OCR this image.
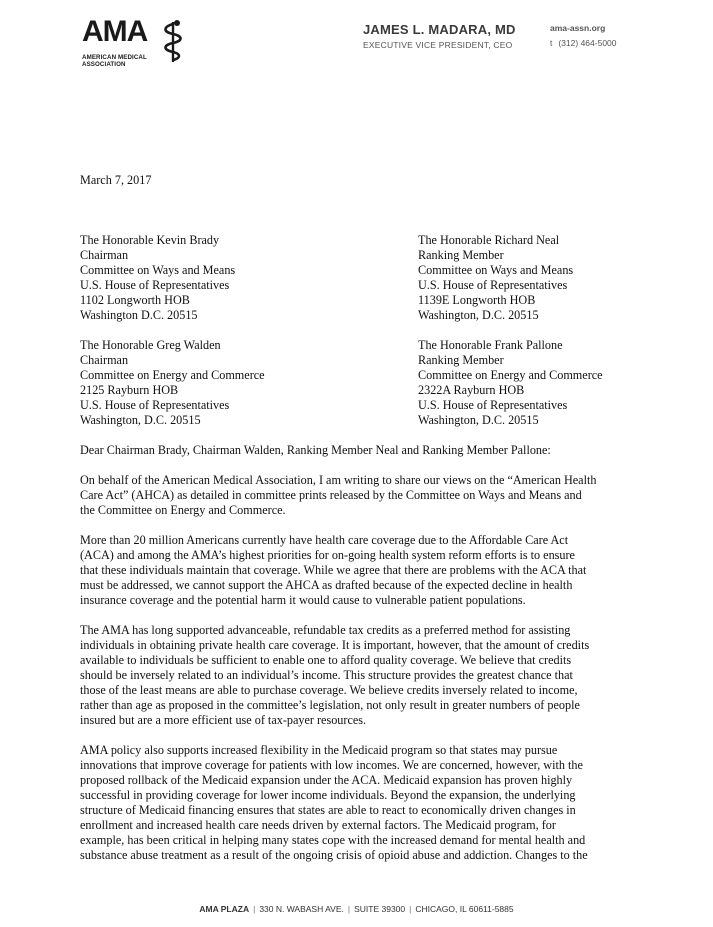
AMA
AMERICAN MEDICAL
ASSOCIATION
JAMES L. MADARA, MD
EXECUTIVE VICE PRESIDENT, CEO
ama-assn.org
t (312) 464-5000
March 7, 2017
The Honorable Kevin Brady
Chairman
Committee on Ways and Means
U.S. House of Representatives
1102 Longworth HOB
Washington D.C. 20515
The Honorable Richard Neal
Ranking Member
Committee on Ways and Means
U.S. House of Representatives
1139E Longworth HOB
Washington, D.C. 20515
The Honorable Greg Walden
Chairman
Committee on Energy and Commerce
2125 Rayburn HOB
U.S. House of Representatives
Washington, D.C. 20515
The Honorable Frank Pallone
Ranking Member
Committee on Energy and Commerce
2322A Rayburn HOB
U.S. House of Representatives
Washington, D.C. 20515
Dear Chairman Brady, Chairman Walden, Ranking Member Neal and Ranking Member Pallone:
On behalf of the American Medical Association, I am writing to share our views on the “American Health
Care Act” (AHCA) as detailed in committee prints released by the Committee on Ways and Means and
the Committee on Energy and Commerce.
More than 20 million Americans currently have health care coverage due to the Affordable Care Act
(ACA) and among the AMA’s highest priorities for on-going health system reform efforts is to ensure
that these individuals maintain that coverage. While we agree that there are problems with the ACA that
must be addressed, we cannot support the AHCA as drafted because of the expected decline in health
insurance coverage and the potential harm it would cause to vulnerable patient populations.
The AMA has long supported advanceable, refundable tax credits as a preferred method for assisting
individuals in obtaining private health care coverage. It is important, however, that the amount of credits
available to individuals be sufficient to enable one to afford quality coverage. We believe that credits
should be inversely related to an individual’s income. This structure provides the greatest chance that
those of the least means are able to purchase coverage. We believe credits inversely related to income,
rather than age as proposed in the committee’s legislation, not only result in greater numbers of people
insured but are a more efficient use of tax-payer resources.
AMA policy also supports increased flexibility in the Medicaid program so that states may pursue
innovations that improve coverage for patients with low incomes. We are concerned, however, with the
proposed rollback of the Medicaid expansion under the ACA. Medicaid expansion has proven highly
successful in providing coverage for lower income individuals. Beyond the expansion, the underlying
structure of Medicaid financing ensures that states are able to react to economically driven changes in
enrollment and increased health care needs driven by external factors. The Medicaid program, for
example, has been critical in helping many states cope with the increased demand for mental health and
substance abuse treatment as a result of the ongoing crisis of opioid abuse and addiction. Changes to the
AMA PLAZA | 330 N. WABASH AVE. | SUITE 39300 | CHICAGO, IL 60611-5885
